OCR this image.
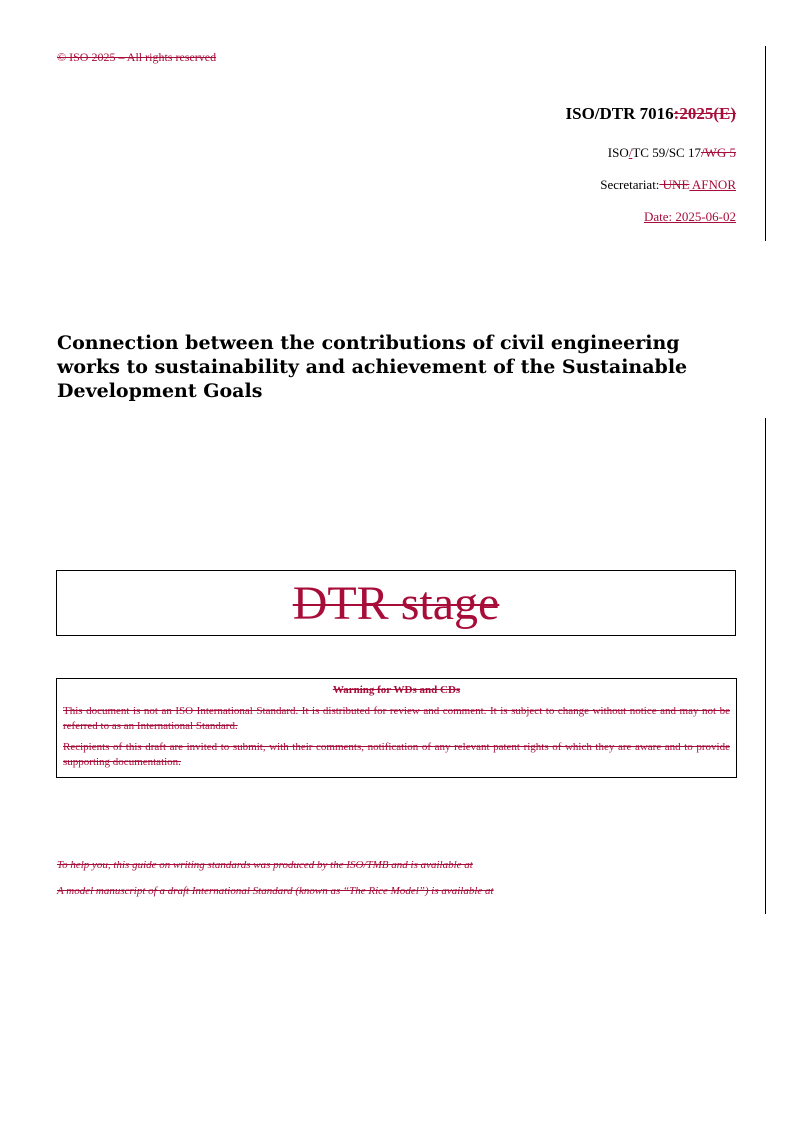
© ISO 2025 – All rights reserved
ISO/DTR 7016:2025(E)
ISO/TC 59/SC 17/WG 5
Secretariat: UNE AFNOR
Date: 2025-06-02
Connection between the contributions of civil engineering works to sustainability and achievement of the Sustainable Development Goals
DTR stage

Warning for WDs and CDs

This document is not an ISO International Standard. It is distributed for review and comment. It is subject to change without notice and may not be referred to as an International Standard.

Recipients of this draft are invited to submit, with their comments, notification of any relevant patent rights of which they are aware and to provide supporting documentation.

To help you, this guide on writing standards was produced by the ISO/TMB and is available at
A model manuscript of a draft International Standard (known as “The Rice Model”) is available at
